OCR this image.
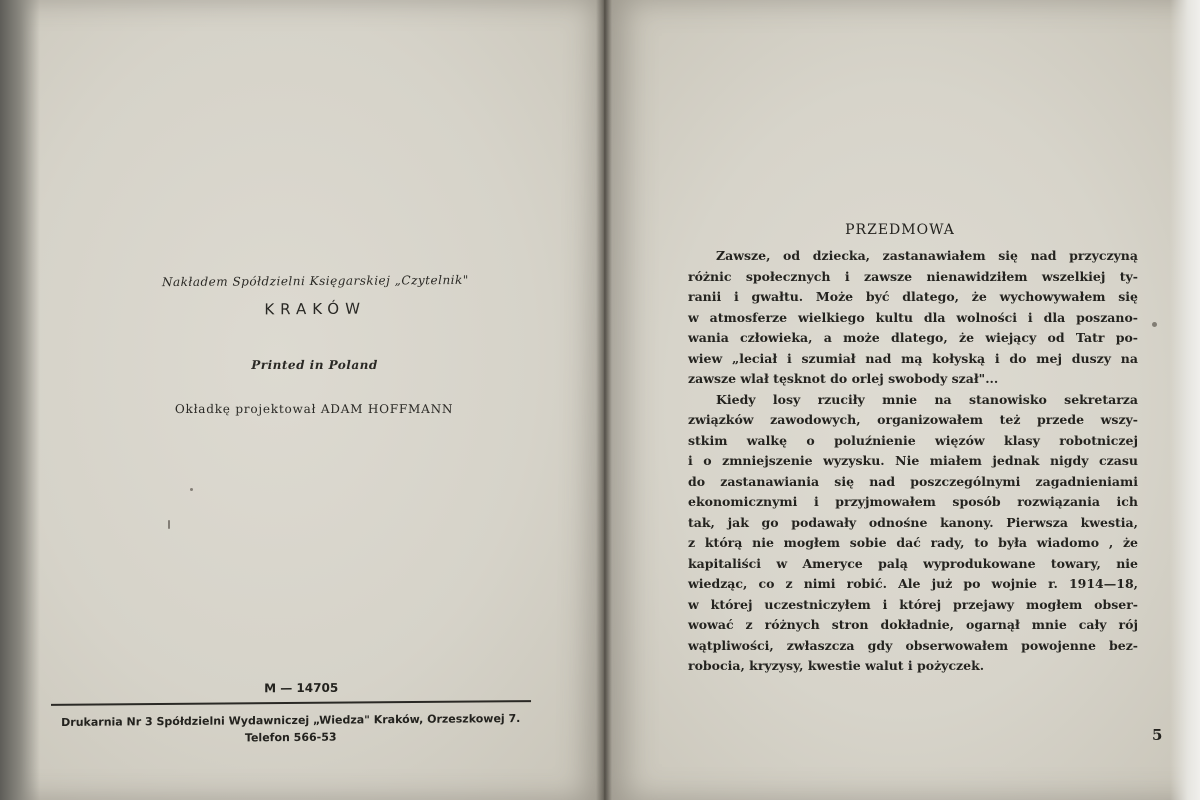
Nakładem Spółdzielni Księgarskiej „Czytelnik"
KRAKÓW
Printed in Poland
Okładkę projektował ADAM HOFFMANN
M — 14705
Drukarnia Nr 3 Spółdzielni Wydawniczej „Wiedza" Kraków, Orzeszkowej 7.
Telefon 566-53
PRZEDMOWA
Zawsze, od dziecka, zastanawiałem się nad przyczyną
różnic społecznych i zawsze nienawidziłem wszelkiej ty-
ranii i gwałtu. Może być dlatego, że wychowywałem się
w atmosferze wielkiego kultu dla wolności i dla poszano-
wania człowieka, a może dlatego, że wiejący od Tatr po-
wiew „leciał i szumiał nad mą kołyską i do mej duszy na
zawsze wlał tęsknot do orlej swobody szał"...
Kiedy losy rzuciły mnie na stanowisko sekretarza
związków zawodowych, organizowałem też przede wszy-
stkim walkę o poluźnienie więzów klasy robotniczej
i o zmniejszenie wyzysku. Nie miałem jednak nigdy czasu
do zastanawiania się nad poszczególnymi zagadnieniami
ekonomicznymi i przyjmowałem sposób rozwiązania ich
tak, jak go podawały odnośne kanony. Pierwsza kwestia,
z którą nie mogłem sobie dać rady, to była wiadomo , że
kapitaliści w Ameryce palą wyprodukowane towary, nie
wiedząc, co z nimi robić. Ale już po wojnie r. 1914—18,
w której uczestniczyłem i której przejawy mogłem obser-
wować z różnych stron dokładnie, ogarnął mnie cały rój
wątpliwości, zwłaszcza gdy obserwowałem powojenne bez-
robocia, kryzysy, kwestie walut i pożyczek.
5
